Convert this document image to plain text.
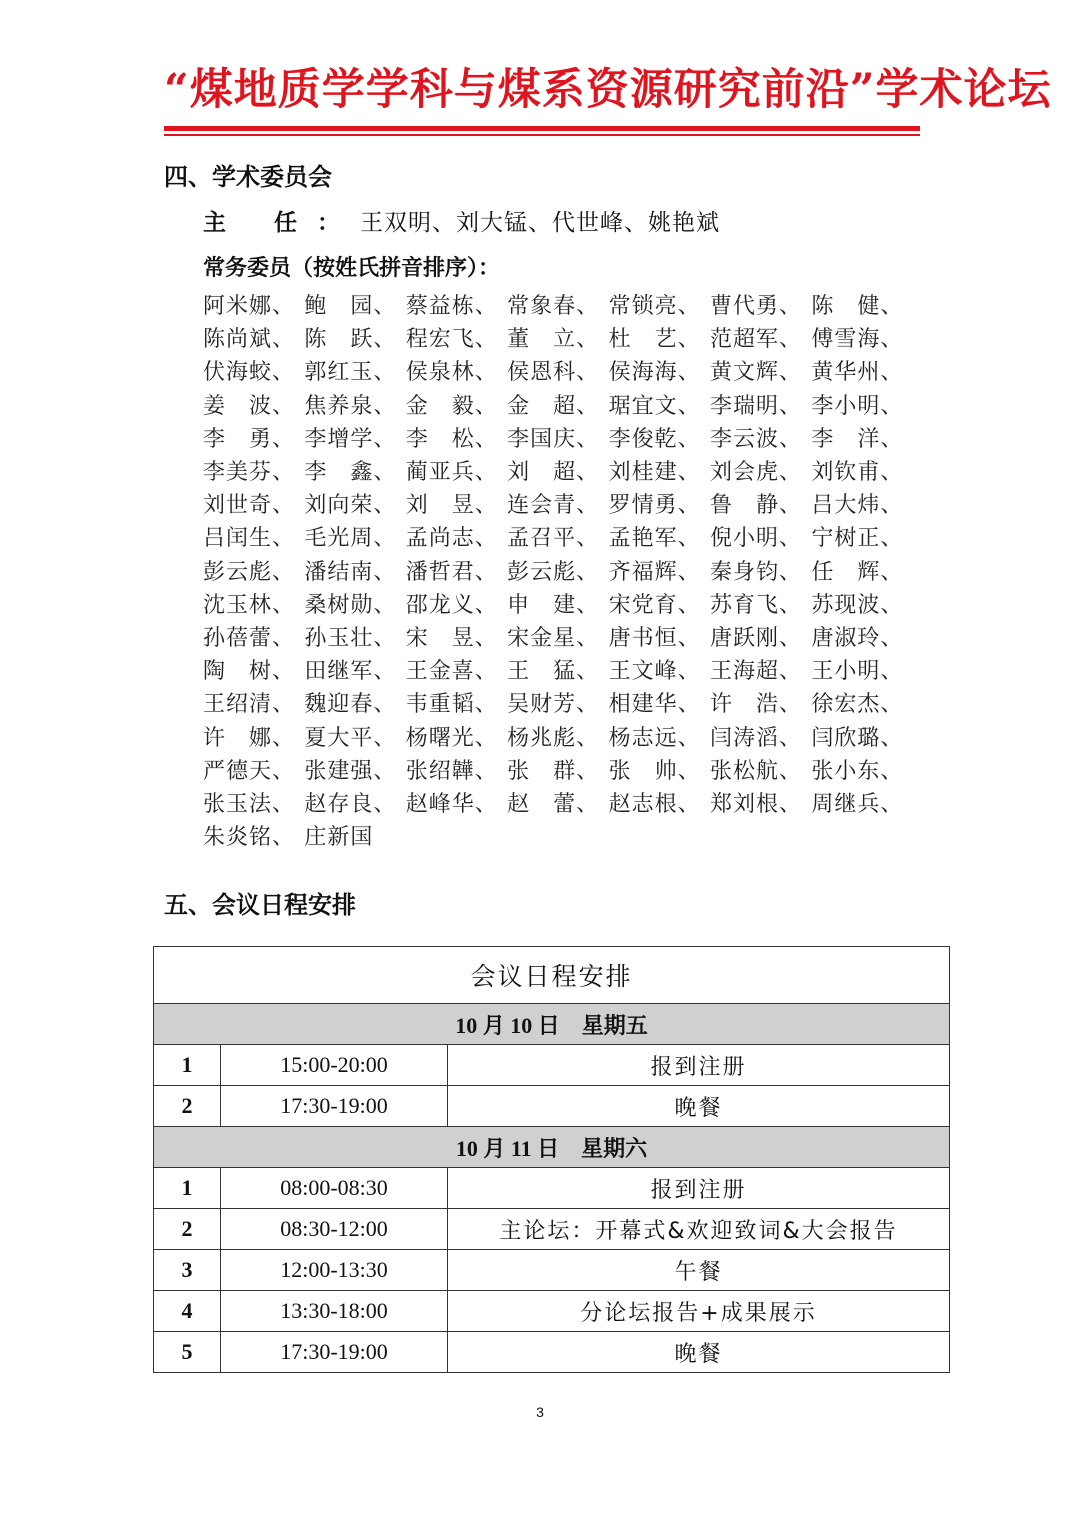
“煤地质学学科与煤系资源研究前沿”学术论坛
四、学术委员会
主 任：王双明、刘大锰、代世峰、姚艳斌
常务委员（按姓氏拼音排序）：
阿米娜、 鲍　园、 蔡益栋、 常象春、 常锁亮、 曹代勇、 陈　健、
陈尚斌、 陈　跃、 程宏飞、 董　立、 杜　艺、 范超军、 傅雪海、
伏海蛟、 郭红玉、 侯泉林、 侯恩科、 侯海海、 黄文辉、 黄华州、
姜　波、 焦养泉、 金　毅、 金　超、 琚宜文、 李瑞明、 李小明、
李　勇、 李增学、 李　松、 李国庆、 李俊乾、 李云波、 李　洋、
李美芬、 李　鑫、 蔺亚兵、 刘　超、 刘桂建、 刘会虎、 刘钦甫、
刘世奇、 刘向荣、 刘　昱、 连会青、 罗情勇、 鲁　静、 吕大炜、
吕闰生、 毛光周、 孟尚志、 孟召平、 孟艳军、 倪小明、 宁树正、
彭云彪、 潘结南、 潘哲君、 彭云彪、 齐福辉、 秦身钧、 任　辉、
沈玉林、 桑树勋、 邵龙义、 申　建、 宋党育、 苏育飞、 苏现波、
孙蓓蕾、 孙玉壮、 宋　昱、 宋金星、 唐书恒、 唐跃刚、 唐淑玲、
陶　树、 田继军、 王金喜、 王　猛、 王文峰、 王海超、 王小明、
王绍清、 魏迎春、 韦重韬、 吴财芳、 相建华、 许　浩、 徐宏杰、
许　娜、 夏大平、 杨曙光、 杨兆彪、 杨志远、 闫涛滔、 闫欣璐、
严德天、 张建强、 张绍韡、 张　群、 张　帅、 张松航、 张小东、
张玉法、 赵存良、 赵峰华、 赵　蕾、 赵志根、 郑刘根、 周继兵、
朱炎铭、 庄新国
五、会议日程安排
会议日程安排		
10 月 10 日　星期五		
1	15:00-20:00	报到注册
2	17:30-19:00	晚餐
10 月 11 日　星期六		
1	08:00-08:30	报到注册
2	08:30-12:00	主论坛：开幕式&欢迎致词&大会报告
3	12:00-13:30	午餐
4	13:30-18:00	分论坛报告+成果展示
5	17:30-19:00	晚餐
3
